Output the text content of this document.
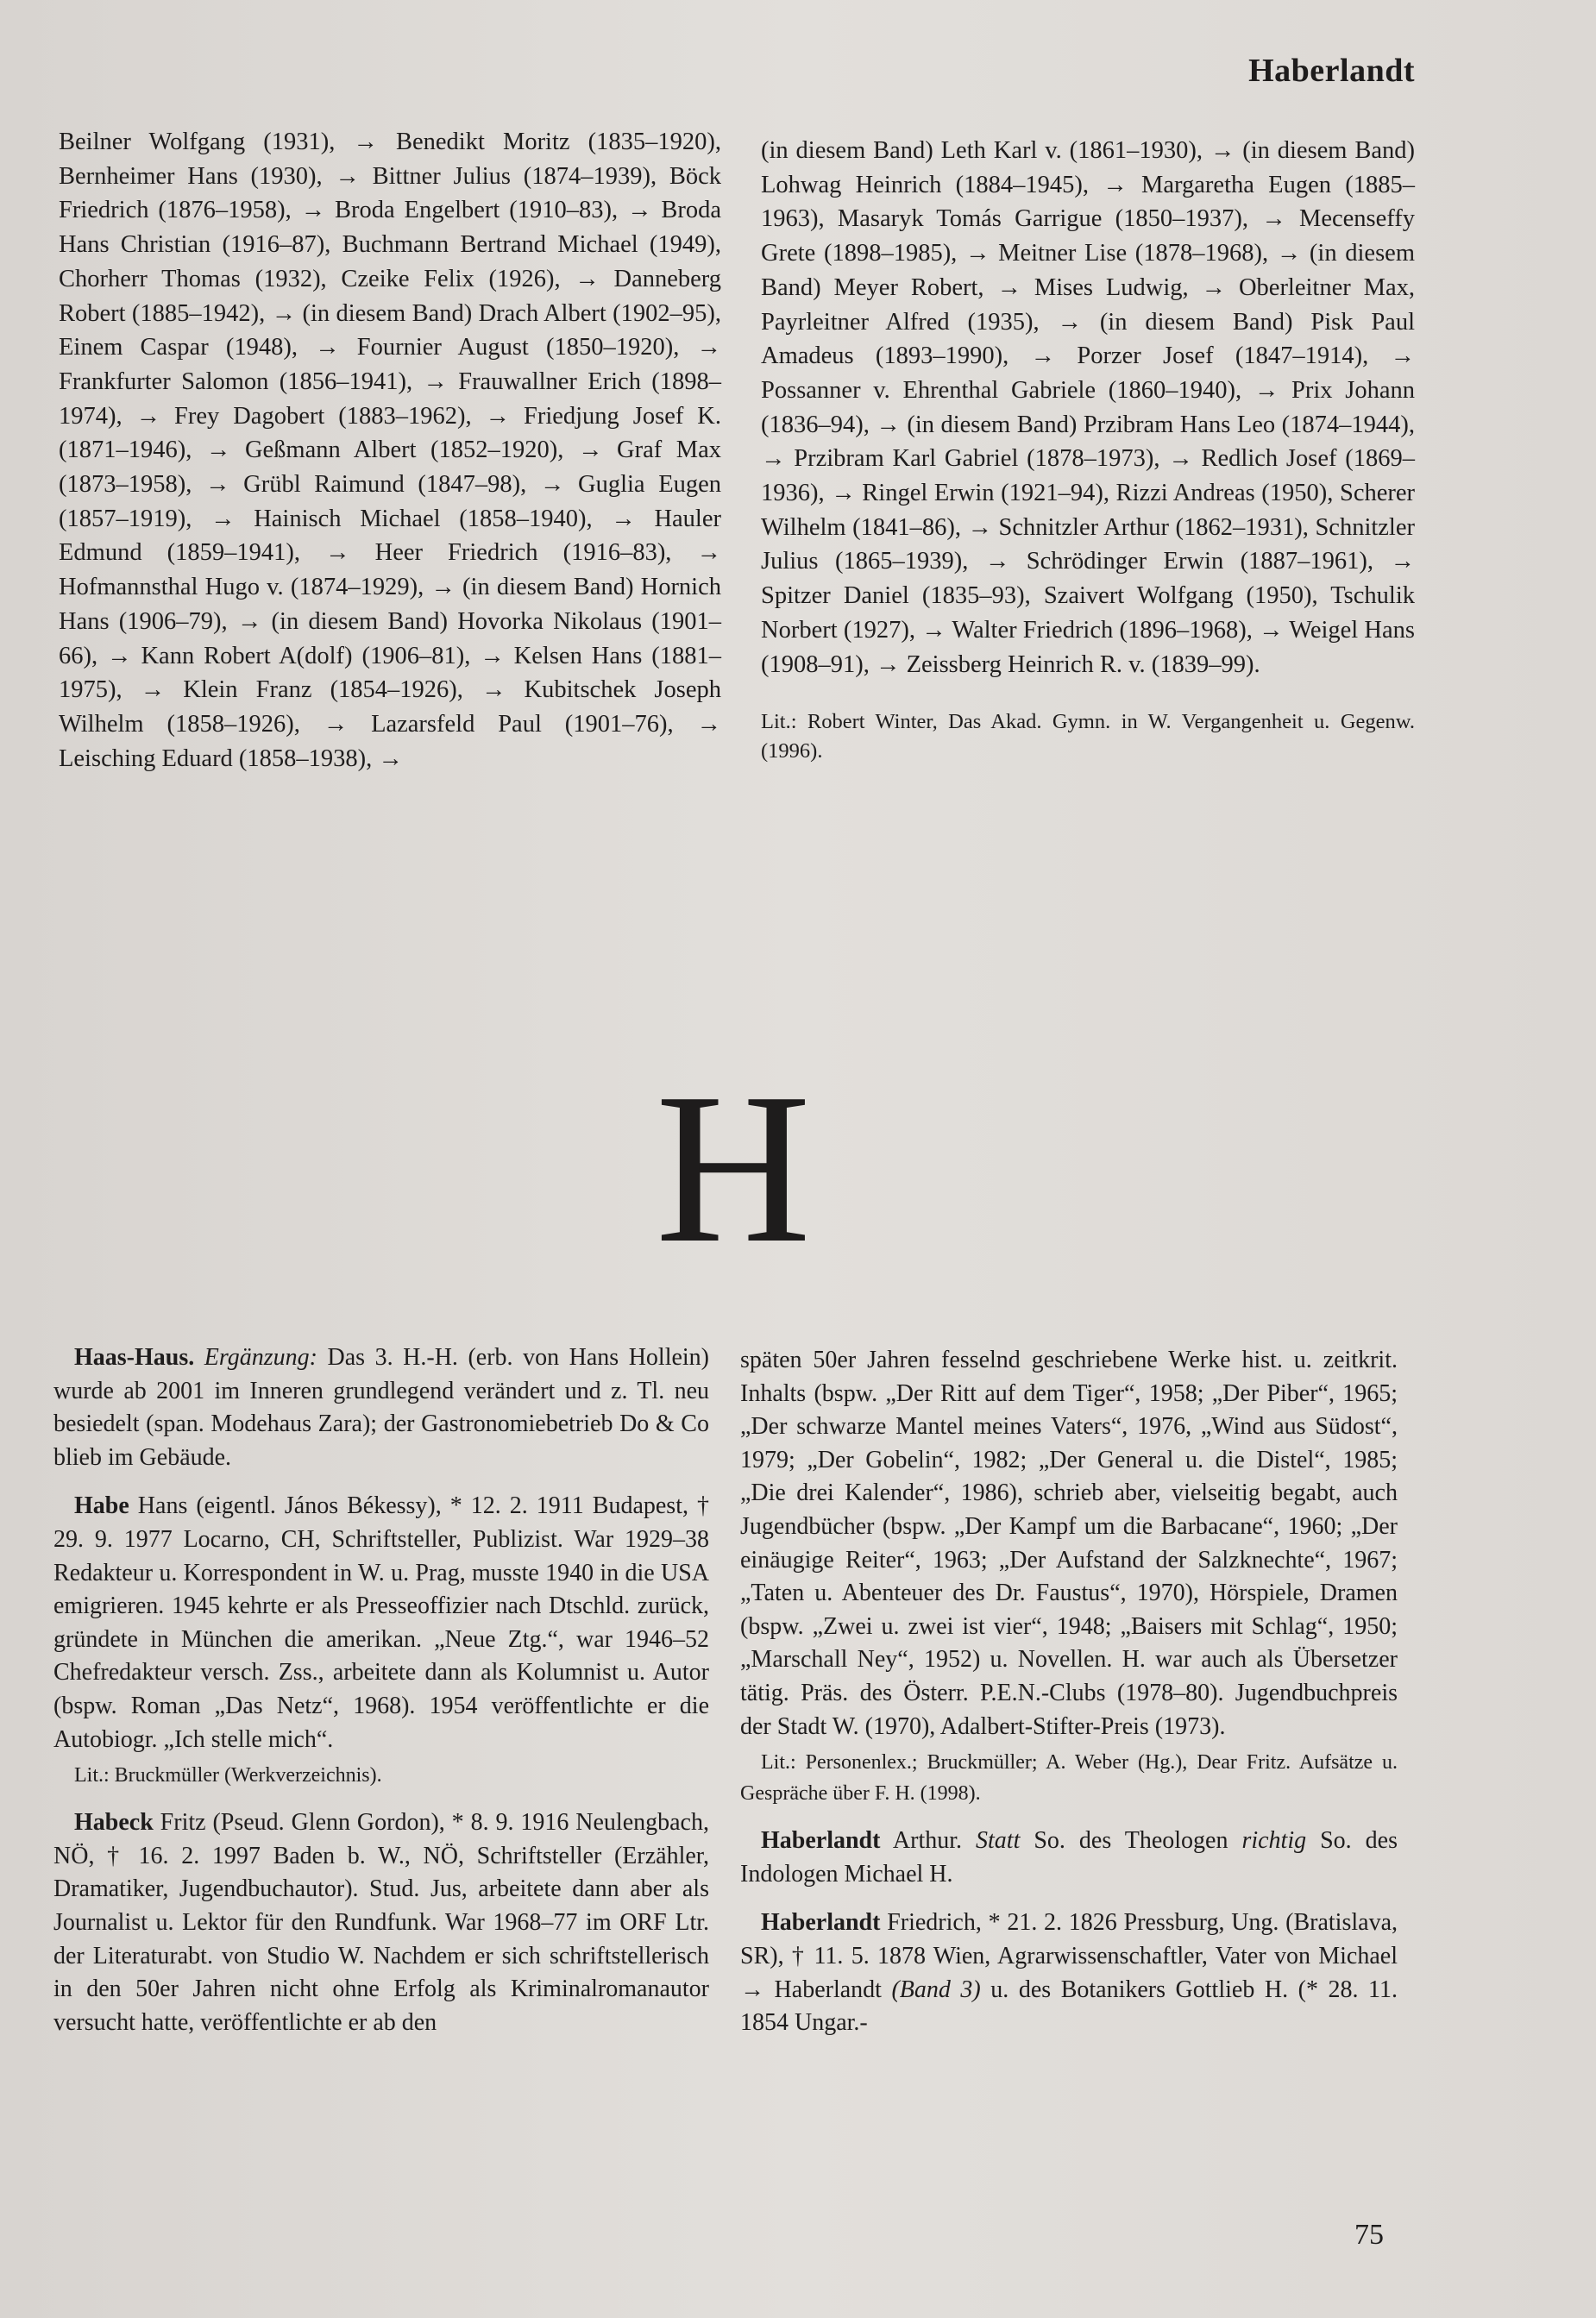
Haberlandt

Beilner Wolfgang (1931), → Benedikt Moritz (1835–1920), Bernheimer Hans (1930), → Bittner Julius (1874–1939), Böck Friedrich (1876–1958), → Broda Engelbert (1910–83), → Broda Hans Christian (1916–87), Buchmann Bertrand Michael (1949), Chorherr Thomas (1932), Czeike Felix (1926), → Danneberg Robert (1885–1942), → (in diesem Band) Drach Albert (1902–95), Einem Caspar (1948), → Fournier August (1850–1920), → Frankfurter Salomon (1856–1941), → Frauwallner Erich (1898–1974), → Frey Dagobert (1883–1962), → Friedjung Josef K. (1871–1946), → Geßmann Albert (1852–1920), → Graf Max (1873–1958), → Grübl Raimund (1847–98), → Guglia Eugen (1857–1919), → Hainisch Michael (1858–1940), → Hauler Edmund (1859–1941), → Heer Friedrich (1916–83), → Hofmannsthal Hugo v. (1874–1929), → (in diesem Band) Hornich Hans (1906–79), → (in diesem Band) Hovorka Nikolaus (1901–66), → Kann Robert A(dolf) (1906–81), → Kelsen Hans (1881–1975), → Klein Franz (1854–1926), → Kubitschek Joseph Wilhelm (1858–1926), → Lazarsfeld Paul (1901–76), → Leisching Eduard (1858–1938), →

(in diesem Band) Leth Karl v. (1861–1930), → (in diesem Band) Lohwag Heinrich (1884–1945), → Margaretha Eugen (1885–1963), Masaryk Tomás Garrigue (1850–1937), → Mecenseffy Grete (1898–1985), → Meitner Lise (1878–1968), → (in diesem Band) Meyer Robert, → Mises Ludwig, → Oberleitner Max, Payrleitner Alfred (1935), → (in diesem Band) Pisk Paul Amadeus (1893–1990), → Porzer Josef (1847–1914), → Possanner v. Ehrenthal Gabriele (1860–1940), → Prix Johann (1836–94), → (in diesem Band) Przibram Hans Leo (1874–1944), → Przibram Karl Gabriel (1878–1973), → Redlich Josef (1869–1936), → Ringel Erwin (1921–94), Rizzi Andreas (1950), Scherer Wilhelm (1841–86), → Schnitzler Arthur (1862–1931), Schnitzler Julius (1865–1939), → Schrödinger Erwin (1887–1961), → Spitzer Daniel (1835–93), Szaivert Wolfgang (1950), Tschulik Norbert (1927), → Walter Friedrich (1896–1968), → Weigel Hans (1908–91), → Zeissberg Heinrich R. v. (1839–99).

Lit.: Robert Winter, Das Akad. Gymn. in W. Vergangenheit u. Gegenw. (1996).

H

Haas-Haus. Ergänzung: Das 3. H.-H. (erb. von Hans Hollein) wurde ab 2001 im Inneren grundlegend verändert und z. Tl. neu besiedelt (span. Modehaus Zara); der Gastronomiebetrieb Do & Co blieb im Gebäude.

Habe Hans (eigentl. János Békessy), * 12. 2. 1911 Budapest, † 29. 9. 1977 Locarno, CH, Schriftsteller, Publizist. War 1929–38 Redakteur u. Korrespondent in W. u. Prag, musste 1940 in die USA emigrieren. 1945 kehrte er als Presseoffizier nach Dtschld. zurück, gründete in München die amerikan. „Neue Ztg.“, war 1946–52 Chefredakteur versch. Zss., arbeitete dann als Kolumnist u. Autor (bspw. Roman „Das Netz“, 1968). 1954 veröffentlichte er die Autobiogr. „Ich stelle mich“.

Lit.: Bruckmüller (Werkverzeichnis).

Habeck Fritz (Pseud. Glenn Gordon), * 8. 9. 1916 Neulengbach, NÖ, † 16. 2. 1997 Baden b. W., NÖ, Schriftsteller (Erzähler, Dramatiker, Jugendbuchautor). Stud. Jus, arbeitete dann aber als Journalist u. Lektor für den Rundfunk. War 1968–77 im ORF Ltr. der Literaturabt. von Studio W. Nachdem er sich schriftstellerisch in den 50er Jahren nicht ohne Erfolg als Kriminalromanautor versucht hatte, veröffentlichte er ab den

späten 50er Jahren fesselnd geschriebene Werke hist. u. zeitkrit. Inhalts (bspw. „Der Ritt auf dem Tiger“, 1958; „Der Piber“, 1965; „Der schwarze Mantel meines Vaters“, 1976, „Wind aus Südost“, 1979; „Der Gobelin“, 1982; „Der General u. die Distel“, 1985; „Die drei Kalender“, 1986), schrieb aber, vielseitig begabt, auch Jugendbücher (bspw. „Der Kampf um die Barbacane“, 1960; „Der einäugige Reiter“, 1963; „Der Aufstand der Salzknechte“, 1967; „Taten u. Abenteuer des Dr. Faustus“, 1970), Hörspiele, Dramen (bspw. „Zwei u. zwei ist vier“, 1948; „Baisers mit Schlag“, 1950; „Marschall Ney“, 1952) u. Novellen. H. war auch als Übersetzer tätig. Präs. des Österr. P.E.N.-Clubs (1978–80). Jugendbuchpreis der Stadt W. (1970), Adalbert-Stifter-Preis (1973).

Lit.: Personenlex.; Bruckmüller; A. Weber (Hg.), Dear Fritz. Aufsätze u. Gespräche über F. H. (1998).

Haberlandt Arthur. Statt So. des Theologen richtig So. des Indologen Michael H.

Haberlandt Friedrich, * 21. 2. 1826 Pressburg, Ung. (Bratislava, SR), † 11. 5. 1878 Wien, Agrarwissenschaftler, Vater von Michael → Haberlandt (Band 3) u. des Botanikers Gottlieb H. (* 28. 11. 1854 Ungar.-

75
